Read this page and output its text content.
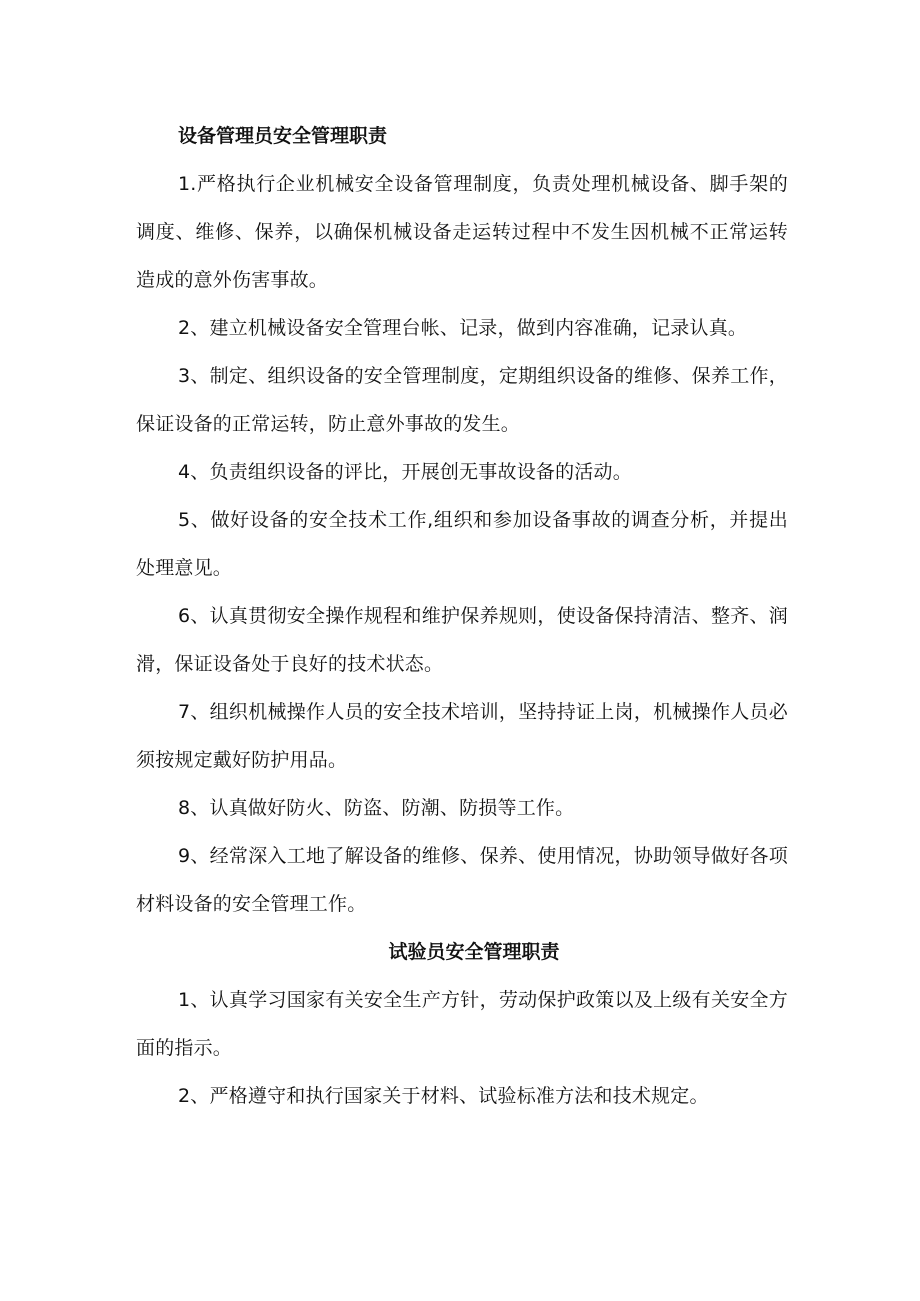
设备管理员安全管理职责

1.严格执行企业机械安全设备管理制度，负责处理机械设备、脚手架的调度、维修、保养，以确保机械设备走运转过程中不发生因机械不正常运转造成的意外伤害事故。

2、建立机械设备安全管理台帐、记录，做到内容准确，记录认真。

3、制定、组织设备的安全管理制度，定期组织设备的维修、保养工作，保证设备的正常运转，防止意外事故的发生。

4、负责组织设备的评比，开展创无事故设备的活动。

5、做好设备的安全技术工作,组织和参加设备事故的调查分析，并提出处理意见。

6、认真贯彻安全操作规程和维护保养规则，使设备保持清洁、整齐、润滑，保证设备处于良好的技术状态。

7、组织机械操作人员的安全技术培训，坚持持证上岗，机械操作人员必须按规定戴好防护用品。

8、认真做好防火、防盗、防潮、防损等工作。

9、经常深入工地了解设备的维修、保养、使用情况，协助领导做好各项材料设备的安全管理工作。

试验员安全管理职责

1、认真学习国家有关安全生产方针，劳动保护政策以及上级有关安全方面的指示。

2、严格遵守和执行国家关于材料、试验标准方法和技术规定。
